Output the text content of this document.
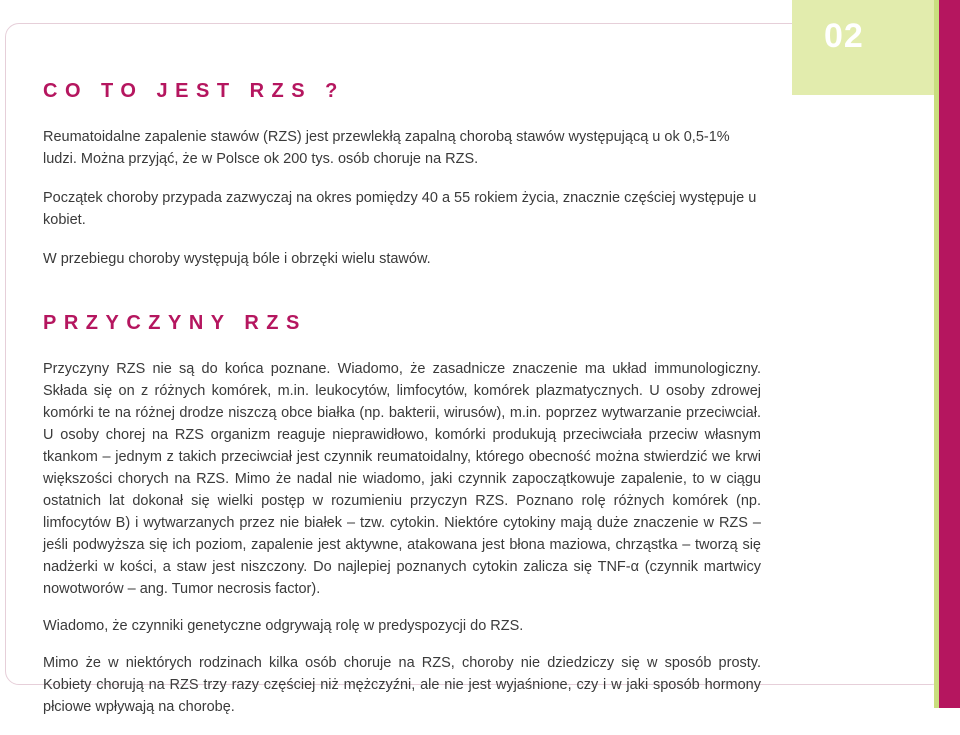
02
CO TO JEST RZS ?

Reumatoidalne zapalenie stawów (RZS) jest przewlekłą zapalną chorobą stawów występującą u ok 0,5-1% ludzi. Można przyjąć, że w Polsce ok 200 tys. osób choruje na RZS.

Początek choroby przypada zazwyczaj na okres pomiędzy 40 a 55 rokiem życia, znacznie częściej występuje u kobiet.

W przebiegu choroby występują bóle i obrzęki wielu stawów.

PRZYCZYNY RZS

Przyczyny RZS nie są do końca poznane. Wiadomo, że zasadnicze znaczenie ma układ immunologiczny. Składa się on z różnych komórek, m.in. leukocytów, limfocytów, komórek plazmatycznych. U osoby zdrowej komórki te na różnej drodze niszczą obce białka (np. bakterii, wirusów), m.in. poprzez wytwarzanie przeciwciał. U osoby chorej na RZS organizm reaguje nieprawidłowo, komórki produkują przeciwciała przeciw własnym tkankom – jednym z takich przeciwciał jest czynnik reumatoidalny, którego obecność można stwierdzić we krwi większości chorych na RZS. Mimo że nadal nie wiadomo, jaki czynnik zapoczątkowuje zapalenie, to w ciągu ostatnich lat dokonał się wielki postęp w rozumieniu przyczyn RZS. Poznano rolę różnych komórek (np. limfocytów B) i wytwarzanych przez nie białek – tzw. cytokin. Niektóre cytokiny mają duże znaczenie w RZS – jeśli podwyższa się ich poziom, zapalenie jest aktywne, atakowana jest błona maziowa, chrząstka – tworzą się nadżerki w kości, a staw jest niszczony. Do najlepiej poznanych cytokin zalicza się TNF-α (czynnik martwicy nowotworów – ang. Tumor necrosis factor).

Wiadomo, że czynniki genetyczne odgrywają rolę w predyspozycji do RZS.

Mimo że w niektórych rodzinach kilka osób choruje na RZS, choroby nie dziedziczy się w sposób prosty. Kobiety chorują na RZS trzy razy częściej niż mężczyźni, ale nie jest wyjaśnione, czy i w jaki sposób hormony płciowe wpływają na chorobę.
